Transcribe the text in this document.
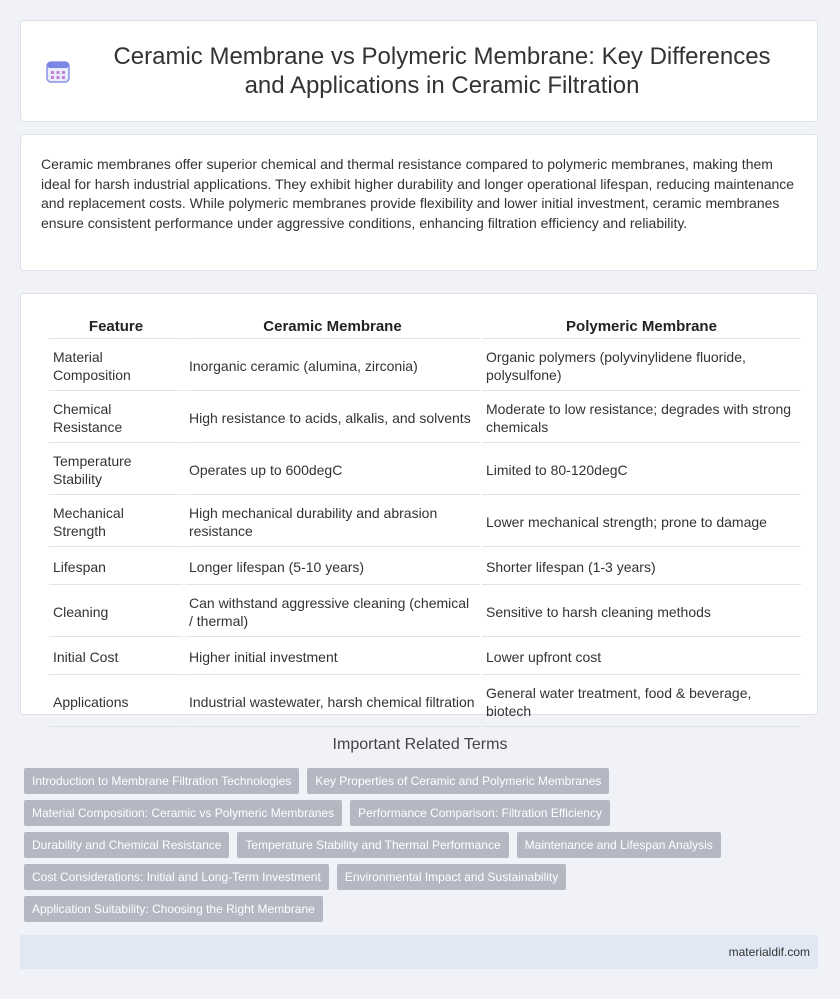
Ceramic Membrane vs Polymeric Membrane: Key Differences and Applications in Ceramic Filtration

Ceramic membranes offer superior chemical and thermal resistance compared to polymeric membranes, making them ideal for harsh industrial applications. They exhibit higher durability and longer operational lifespan, reducing maintenance and replacement costs. While polymeric membranes provide flexibility and lower initial investment, ceramic membranes ensure consistent performance under aggressive conditions, enhancing filtration efficiency and reliability.

Feature	Ceramic Membrane	Polymeric Membrane
Material Composition	Inorganic ceramic (alumina, zirconia)	Organic polymers (polyvinylidene fluoride, polysulfone)
Chemical Resistance	High resistance to acids, alkalis, and solvents	Moderate to low resistance; degrades with strong chemicals
Temperature Stability	Operates up to 600degC	Limited to 80-120degC
Mechanical Strength	High mechanical durability and abrasion resistance	Lower mechanical strength; prone to damage
Lifespan	Longer lifespan (5-10 years)	Shorter lifespan (1-3 years)
Cleaning	Can withstand aggressive cleaning (chemical / thermal)	Sensitive to harsh cleaning methods
Initial Cost	Higher initial investment	Lower upfront cost
Applications	Industrial wastewater, harsh chemical filtration	General water treatment, food & beverage, biotech
Important Related Terms
Introduction to Membrane Filtration Technologies	Key Properties of Ceramic and Polymeric Membranes
Material Composition: Ceramic vs Polymeric Membranes	Performance Comparison: Filtration Efficiency
Durability and Chemical Resistance	Temperature Stability and Thermal Performance	Maintenance and Lifespan Analysis
Cost Considerations: Initial and Long-Term Investment	Environmental Impact and Sustainability
Application Suitability: Choosing the Right Membrane
materialdif.com
